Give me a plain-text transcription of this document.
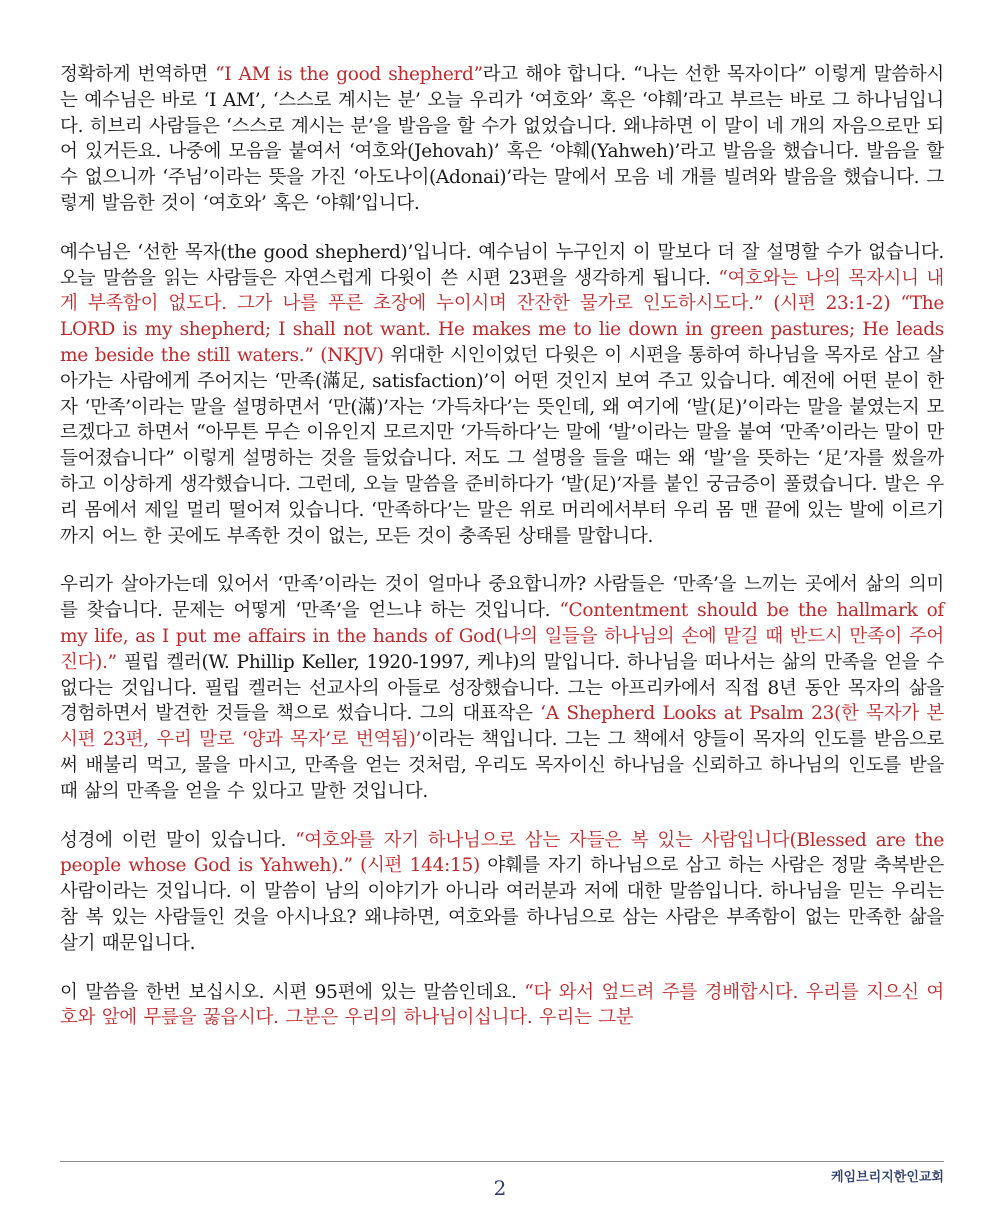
정확하게 번역하면 “I AM is the good shepherd”라고 해야 합니다. “나는 선한 목자이다” 이렇게 말씀하시는 예수님은 바로 ‘I AM’, ‘스스로 계시는 분’ 오늘 우리가 ‘여호와’ 혹은 ‘야훼’라고 부르는 바로 그 하나님입니다. 히브리 사람들은 ‘스스로 계시는 분’을 발음을 할 수가 없었습니다. 왜냐하면 이 말이 네 개의 자음으로만 되어 있거든요. 나중에 모음을 붙여서 ‘여호와(Jehovah)’ 혹은 ‘야훼(Yahweh)’라고 발음을 했습니다. 발음을 할 수 없으니까 ‘주님’이라는 뜻을 가진 ‘아도나이(Adonai)’라는 말에서 모음 네 개를 빌려와 발음을 했습니다. 그렇게 발음한 것이 ‘여호와’ 혹은 ‘야훼’입니다.

예수님은 ‘선한 목자(the good shepherd)’입니다. 예수님이 누구인지 이 말보다 더 잘 설명할 수가 없습니다. 오늘 말씀을 읽는 사람들은 자연스럽게 다윗이 쓴 시편 23편을 생각하게 됩니다. “여호와는 나의 목자시니 내게 부족함이 없도다. 그가 나를 푸른 초장에 누이시며 잔잔한 물가로 인도하시도다.” (시편 23:1-2) “The LORD is my shepherd; I shall not want. He makes me to lie down in green pastures; He leads me beside the still waters.” (NKJV) 위대한 시인이었던 다윗은 이 시편을 통하여 하나님을 목자로 삼고 살아가는 사람에게 주어지는 ‘만족(滿足, satisfaction)’이 어떤 것인지 보여 주고 있습니다. 예전에 어떤 분이 한자 ‘만족’이라는 말을 설명하면서 ‘만(滿)’자는 ‘가득차다’는 뜻인데, 왜 여기에 ‘발(足)’이라는 말을 붙였는지 모르겠다고 하면서 “아무튼 무슨 이유인지 모르지만 ‘가득하다’는 말에 ‘발’이라는 말을 붙여 ‘만족’이라는 말이 만들어졌습니다” 이렇게 설명하는 것을 들었습니다. 저도 그 설명을 들을 때는 왜 ‘발’을 뜻하는 ‘足’자를 썼을까 하고 이상하게 생각했습니다. 그런데, 오늘 말씀을 준비하다가 ‘발(足)’자를 붙인 궁금증이 풀렸습니다. 발은 우리 몸에서 제일 멀리 떨어져 있습니다. ‘만족하다’는 말은 위로 머리에서부터 우리 몸 맨 끝에 있는 발에 이르기까지 어느 한 곳에도 부족한 것이 없는, 모든 것이 충족된 상태를 말합니다.

우리가 살아가는데 있어서 ‘만족’이라는 것이 얼마나 중요합니까? 사람들은 ‘만족’을 느끼는 곳에서 삶의 의미를 찾습니다. 문제는 어떻게 ‘만족’을 얻느냐 하는 것입니다. “Contentment should be the hallmark of my life, as I put me affairs in the hands of God(나의 일들을 하나님의 손에 맡길 때 반드시 만족이 주어진다).” 필립 켈러(W. Phillip Keller, 1920-1997, 케냐)의 말입니다. 하나님을 떠나서는 삶의 만족을 얻을 수 없다는 것입니다. 필립 켈러는 선교사의 아들로 성장했습니다. 그는 아프리카에서 직접 8년 동안 목자의 삶을 경험하면서 발견한 것들을 책으로 썼습니다. 그의 대표작은 ‘A Shepherd Looks at Psalm 23(한 목자가 본 시편 23편, 우리 말로 ‘양과 목자’로 번역됨)’이라는 책입니다. 그는 그 책에서 양들이 목자의 인도를 받음으로써 배불리 먹고, 물을 마시고, 만족을 얻는 것처럼, 우리도 목자이신 하나님을 신뢰하고 하나님의 인도를 받을 때 삶의 만족을 얻을 수 있다고 말한 것입니다.

성경에 이런 말이 있습니다. “여호와를 자기 하나님으로 삼는 자들은 복 있는 사람입니다(Blessed are the people whose God is Yahweh).” (시편 144:15) 야훼를 자기 하나님으로 삼고 하는 사람은 정말 축복받은 사람이라는 것입니다. 이 말씀이 남의 이야기가 아니라 여러분과 저에 대한 말씀입니다. 하나님을 믿는 우리는 참 복 있는 사람들인 것을 아시나요? 왜냐하면, 여호와를 하나님으로 삼는 사람은 부족함이 없는 만족한 삶을 살기 때문입니다.

이 말씀을 한번 보십시오. 시편 95편에 있는 말씀인데요. “다 와서 엎드려 주를 경배합시다. 우리를 지으신 여호와 앞에 무릎을 꿇읍시다. 그분은 우리의 하나님이십니다. 우리는 그분

케임브리지한인교회
2
